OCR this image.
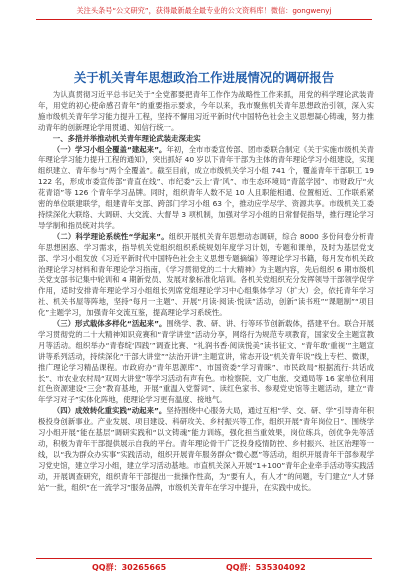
关注头条号“公文研究”，获得最新最全最专业的公文资料库！微信：gongwenyj
关于机关青年思想政治工作进展情况的调研报告

为认真贯彻习近平总书记关于“全党都要把青年工作作为战略性工作来抓，用党的科学理论武装青年，用党的初心使命感召青年”的重要指示要求，今年以来，我市聚焦机关青年思想政治引领，深入实施市级机关青年学习能力提升工程，坚持不懈用习近平新时代中国特色社会主义思想凝心铸魂，努力推动青年的创新理论学用贯通、知信行统一。

一、多措并举推动机关青年理论武装走深走实

（一）学习小组全覆盖“建起来”。年初，全市市委宣传部、团市委联合制定《关于实施市级机关青年理论学习能力提升工程的通知》，突出抓好 40 岁以下青年干部为主体的青年理论学习小组建设，实现组织建立、青年参与“两个全覆盖”。截至目前，成立市级机关学习小组 741 个，覆盖青年干部职工 19122 名，形成市委宣传部“青直在线”、市纪委“云上‘青’风”、市生态环境局“青蓝学园”、市财政厅“火花青语”等 126 个青年学习品牌。同时，组织青年人数不足 10 人且职能相通、位置相近、工作联系紧密的单位联建联学，组建青年支部、跨部门学习小组 63 个，推动应学尽学、资源共享。市级机关工委持续深化大联络、大调研、大交流、大督导 3 项机制，加强对学习小组的日常督促指导，推行理论学习导学制和指员统对共学。

（二）科学理论系统性“学起来”。组织开展机关青年思想动态调研，综合 8000 多份问卷分析青年思想困惑、学习需求，指导机关党组织组织系统规划年度学习计划，专题和课单，及时为基层党支部、学习小组发放《习近平新时代中国特色社会主义思想专题摘编》等理论学习书籍，每月发布机关政治理论学习材料和青年理论学习指南，《学习贯彻党的二十大精神》为主题内容，先后组织 6 期市级机关党支部书记集中轮训和 4 期新党员、发展对象标准化培训。各机关党组织充分发挥领导干部领学促学作用，适时安排青年理论学习小组组长列席党组理论学习中心组集体学习（扩大）会，依托青年学习社、机关书屋等阵地，坚持“每月一主题”、开展“月读·阅读·悦读”活动，创新“读书班”“课题制”“项目化”主题学习，加强青年交流互鉴，提高理论学习系统性。

（三）形式载体多样化“活起来”。围绕学、教、研、讲、行等环节创新载体，搭建平台。联合开展学习贯彻党的二十大精神知识竞赛和“青学讲堂”活动分享，网络行为规范专项教育，国家安全主题宣教月等活动。组织举办“青春绽‘四践’”调查比赛、“礼润书香·阅读悦美”读书征文、“青年敢‘重视’”主题宣讲等系列活动，持续深化“干部大讲堂”“法治开讲”主题宣讲，常态开设“机关青年说”线上专栏、微课，推广理论学习精品课程。市政府办“青年思源库”、市国资委“学习青睐”、市民政局“根据流行·共话成长”、市农业农村局“双周大讲堂”等学习活动有声有色。市检察院、文广电旅、交通局等 16 家单位利用红色资源建设“三会”教育基地，开展“重温入党誓词”、读红色家书、参观党史馆等主题活动，建立“青年学习对子”实体化阵地，使理论学习更有温度、接地气。

（四）成效转化重实践“动起来”。坚持围绕中心服务大局，通过互相“学、交、研、学”引导青年积极投身创新事业。产业发展、项目建设、科研攻关、乡村振兴等工作，组织开展“青年岗位日”、围绕学习小组开展“能在基层”调研实践和“以文铸魂”能力训练，强化担当重效果，岗位练兵，创优争先等活动，积极为青年干部提供展示自我的平台。青年理论骨干广泛投身疫情防控、乡村振兴、社区治理等一线，以“我为群众办实事”实践活动，组织开展青年服务群众“微心愿”等活动，组织开展青年干部参观学习党史馆，建立学习小组，建立学习活动基地。市直机关深入开展“1+100”青年企业牵手活动等实践活动，开展调查研究，组织青年干部提出一批操作性高，为“要有人，有人才”的问题，专门建立“人才驿站”一批，组织“在一流学习”服务品牌，市级机关青年在学习中提升，在实践中成长。

QQ群：30265665	QQ群：535304092
